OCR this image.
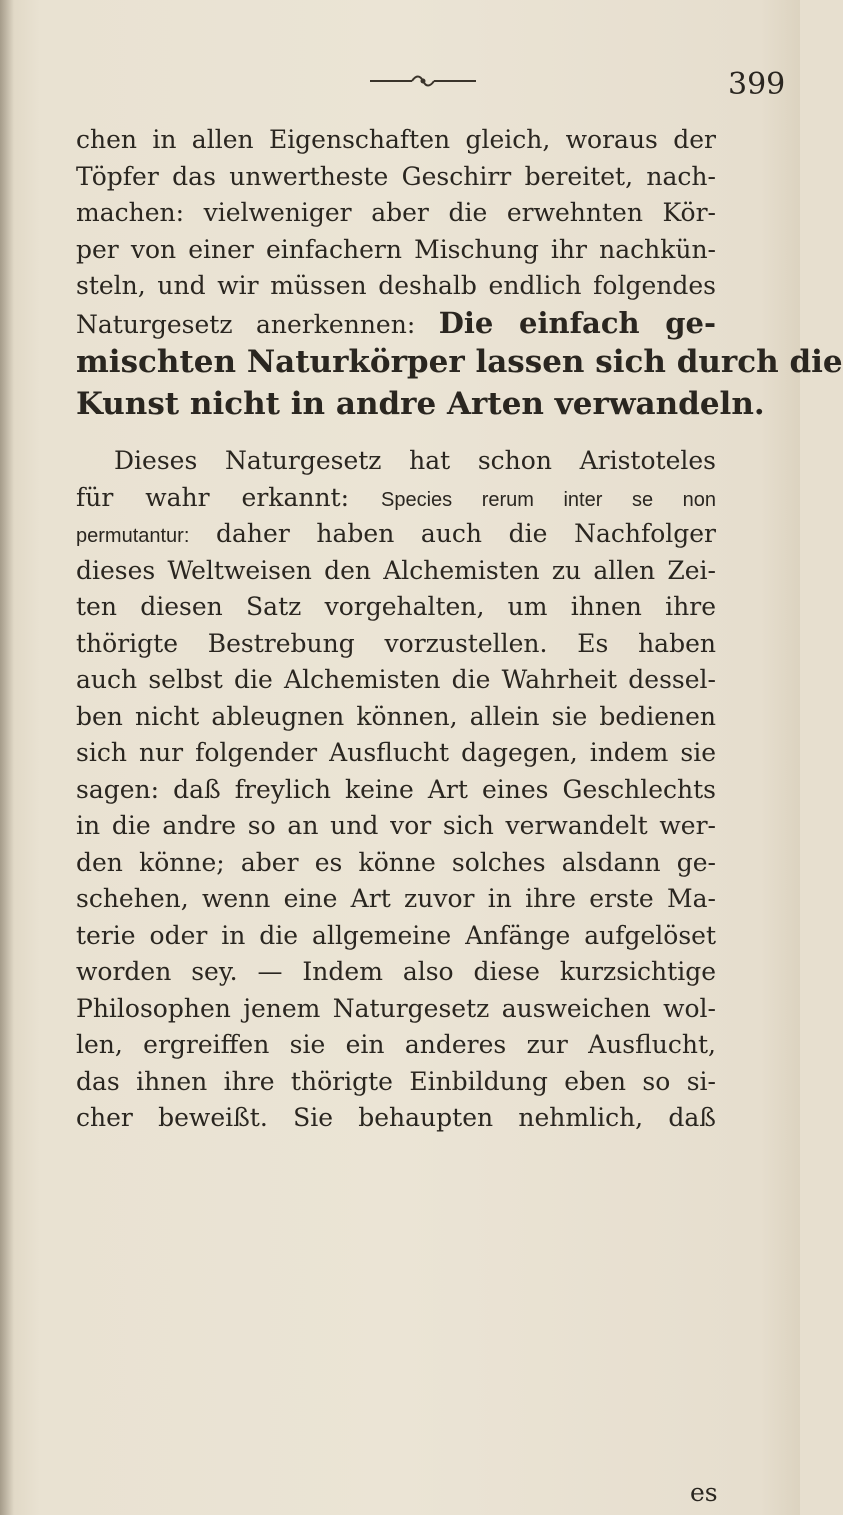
399
chen in allen Eigenschaften gleich, woraus der
Töpfer das unwertheste Geschirr bereitet, nach-
machen: vielweniger aber die erwehnten Kör-
per von einer einfachern Mischung ihr nachkün-
steln, und wir müssen deshalb endlich folgendes
Naturgesetz anerkennen: Die einfach ge-
mischten Naturkörper lassen sich durch die
Kunst nicht in andre Arten verwandeln.
Dieses Naturgesetz hat schon Aristoteles
für wahr erkannt: Species rerum inter se non
permutantur: daher haben auch die Nachfolger
dieses Weltweisen den Alchemisten zu allen Zei-
ten diesen Satz vorgehalten, um ihnen ihre
thörigte Bestrebung vorzustellen. Es haben
auch selbst die Alchemisten die Wahrheit dessel-
ben nicht ableugnen können, allein sie bedienen
sich nur folgender Ausflucht dagegen, indem sie
sagen: daß freylich keine Art eines Geschlechts
in die andre so an und vor sich verwandelt wer-
den könne; aber es könne solches alsdann ge-
schehen, wenn eine Art zuvor in ihre erste Ma-
terie oder in die allgemeine Anfänge aufgelöset
worden sey. — Indem also diese kurzsichtige
Philosophen jenem Naturgesetz ausweichen wol-
len, ergreiffen sie ein anderes zur Ausflucht,
das ihnen ihre thörigte Einbildung eben so si-
cher beweißt. Sie behaupten nehmlich, daß
es
